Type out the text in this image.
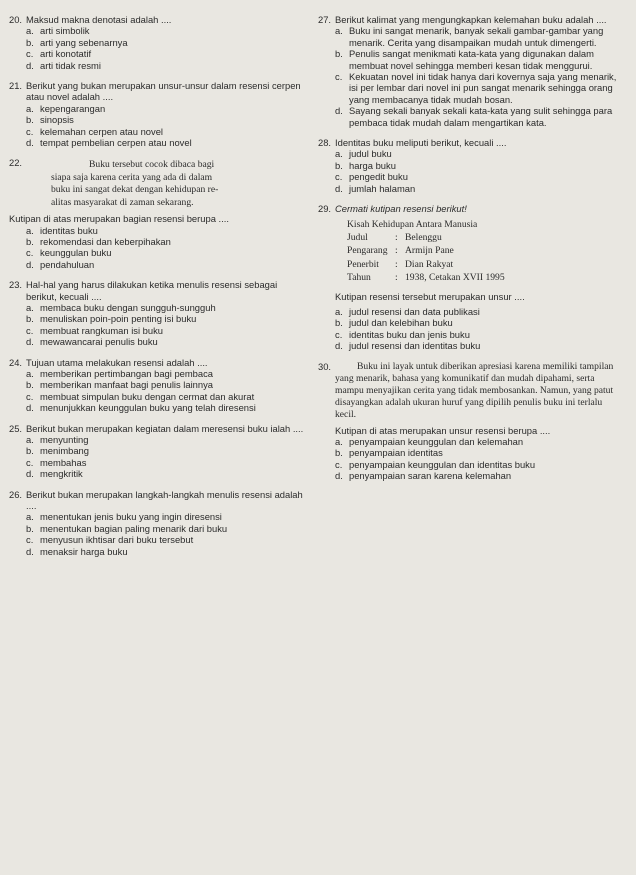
20. Maksud makna denotasi adalah ....

a. arti simbolik
b. arti yang sebenarnya
c. arti konotatif
d. arti tidak resmi
21. Berikut yang bukan merupakan unsur-unsur dalam resensi cerpen atau novel adalah ....

a. kepengarangan
b. sinopsis
c. kelemahan cerpen atau novel
d. tempat pembelian cerpen atau novel
22.	Buku tersebut cocok dibaca bagi

siapa saja karena cerita yang ada di dalam

buku ini sangat dekat dengan kehidupan re-

alitas masyarakat di zaman sekarang.

Kutipan di atas merupakan bagian resensi berupa ....

a. identitas buku
b. rekomendasi dan keberpihakan
c. keunggulan buku
d. pendahuluan
23. Hal-hal yang harus dilakukan ketika menulis resensi sebagai berikut, kecuali ....

a. membaca buku dengan sungguh-sungguh
b. menuliskan poin-poin penting isi buku
c. membuat rangkuman isi buku
d. mewawancarai penulis buku
24. Tujuan utama melakukan resensi adalah ....

a. memberikan pertimbangan bagi pembaca
b. memberikan manfaat bagi penulis lainnya
c. membuat simpulan buku dengan cermat dan akurat
d. menunjukkan keunggulan buku yang telah diresensi
25. Berikut bukan merupakan kegiatan dalam meresensi buku ialah ....

a. menyunting
b. menimbang
c. membahas
d. mengkritik
26. Berikut bukan merupakan langkah-langkah menulis resensi adalah ....

a. menentukan jenis buku yang ingin diresensi
b. menentukan bagian paling menarik dari buku
c. menyusun ikhtisar dari buku tersebut
d. menaksir harga buku
27. Berikut kalimat yang mengungkapkan kelemahan buku adalah ....

a. Buku ini sangat menarik, banyak sekali gambar-gambar yang menarik. Cerita yang disampaikan mudah untuk dimengerti.
b. Penulis sangat menikmati kata-kata yang digunakan dalam membuat novel sehingga memberi kesan tidak menggurui.
c. Kekuatan novel ini tidak hanya dari kovernya saja yang menarik, isi per lembar dari novel ini pun sangat menarik sehingga orang yang membacanya tidak mudah bosan.
d. Sayang sekali banyak sekali kata-kata yang sulit sehingga para pembaca tidak mudah dalam mengartikan kata.
28. Identitas buku meliputi berikut, kecuali ....

a. judul buku
b. harga buku
c. pengedit buku
d. jumlah halaman
29. Cermati kutipan resensi berikut!

Kisah Kehidupan Antara Manusia		
Judul	:	Belenggu
Pengarang	:	Armijn Pane
Penerbit	:	Dian Rakyat
Tahun	:	1938, Cetakan XVII 1995

Kutipan resensi tersebut merupakan unsur ....

a. judul resensi dan data publikasi
b. judul dan kelebihan buku
c. identitas buku dan jenis buku
d. judul resensi dan identitas buku
30.	Buku ini layak untuk diberikan apresiasi karena memiliki tampilan yang menarik, bahasa yang komunikatif dan mudah dipahami, serta mampu menyajikan cerita yang tidak membosankan. Namun, yang patut disayangkan adalah ukuran huruf yang dipilih penulis buku ini terlalu kecil.

Kutipan di atas merupakan unsur resensi berupa ....

a. penyampaian keunggulan dan kelemahan
b. penyampaian identitas
c. penyampaian keunggulan dan identitas buku
d. penyampaian saran karena kelemahan
